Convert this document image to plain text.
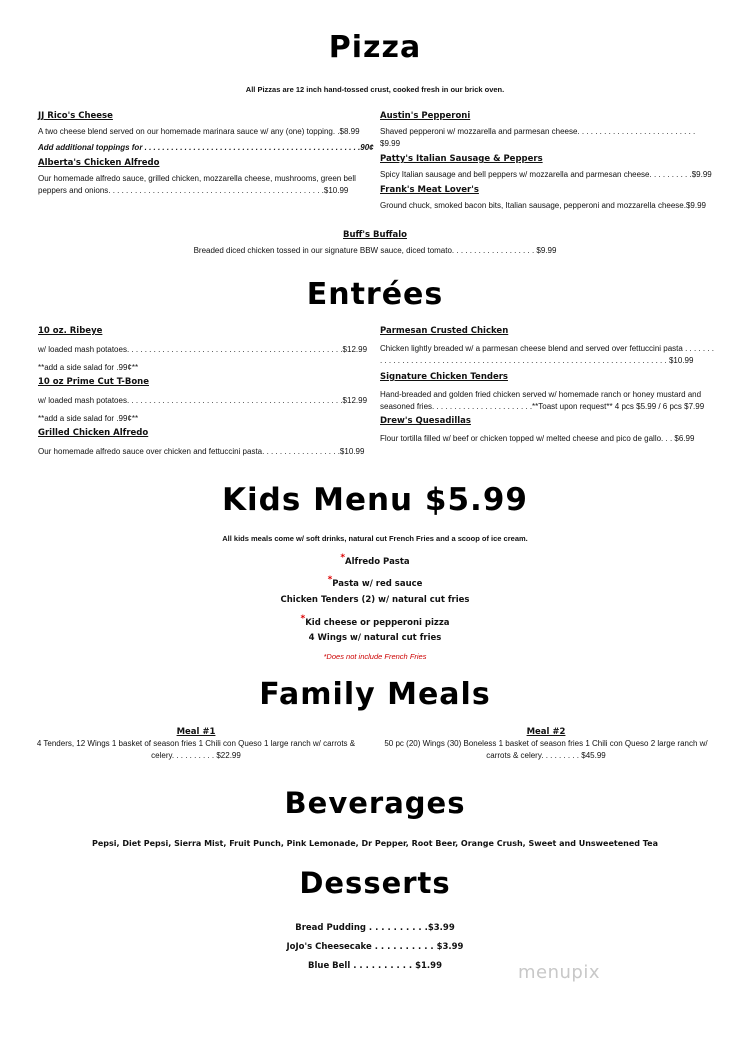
Pizza
All Pizzas are 12 inch hand-tossed crust, cooked fresh in our brick oven.
JJ Rico's Cheese
A two cheese blend served on our homemade marinara sauce w/ any (one) topping. .$8.99
Add additional toppings for . . . . . . . . . . . . . . . . . . . . . . . . . . . . . . . . . . . . . . . . . . . . . . . . .90¢
Alberta's Chicken Alfredo
Our homemade alfredo sauce, grilled chicken, mozzarella cheese, mushrooms, green bell peppers and onions. . . . . . . . . . . . . . . . . . . . . . . . . . . . . . . . . . . . . . . . . . . . . . . . .$10.99
Austin's Pepperoni
Shaved pepperoni w/ mozzarella and parmesan cheese. . . . . . . . . . . . . . . . . . . . . . . . . . . $9.99
Patty's Italian Sausage & Peppers
Spicy Italian sausage and bell peppers w/ mozzarella and parmesan cheese. . . . . . . . . .$9.99
Frank's Meat Lover's
Ground chuck, smoked bacon bits, Italian sausage, pepperoni and mozzarella cheese.$9.99
Buff's Buffalo
Breaded diced chicken tossed in our signature BBW sauce, diced tomato. . . . . . . . . . . . . . . . . . . $9.99
Entrées
10 oz. Ribeye
w/ loaded mash potatoes. . . . . . . . . . . . . . . . . . . . . . . . . . . . . . . . . . . . . . . . . . . . . . . . .$12.99
**add a side salad for .99¢**
10 oz Prime Cut T-Bone
w/ loaded mash potatoes. . . . . . . . . . . . . . . . . . . . . . . . . . . . . . . . . . . . . . . . . . . . . . . . .$12.99
**add a side salad for .99¢**
Grilled Chicken Alfredo
Our homemade alfredo sauce over chicken and fettuccini pasta. . . . . . . . . . . . . . . . . .$10.99
Parmesan Crusted Chicken
Chicken lightly breaded w/ a parmesan cheese blend and served over fettuccini pasta . . . . . . . . . . . . . . . . . . . . . . . . . . . . . . . . . . . . . . . . . . . . . . . . . . . . . . . . . . . . . . . . . . . . . . . . $10.99
Signature Chicken Tenders
Hand-breaded and golden fried chicken served w/ homemade ranch or honey mustard and seasoned fries. . . . . . . . . . . . . . . . . . . . . . .**Toast upon request** 4 pcs $5.99 / 6 pcs $7.99
Drew's Quesadillas
Flour tortilla filled w/ beef or chicken topped w/ melted cheese and pico de gallo. . . $6.99
Kids Menu $5.99
All kids meals come w/ soft drinks, natural cut French Fries and a scoop of ice cream.
*Alfredo Pasta
*Pasta w/ red sauce
Chicken Tenders (2) w/ natural cut fries
*Kid cheese or pepperoni pizza
4 Wings w/ natural cut fries
*Does not include French Fries
Family Meals
Meal #1
4 Tenders, 12 Wings 1 basket of season fries 1 Chili con Queso 1 large ranch w/ carrots & celery. . . . . . . . . . $22.99
Meal #2
50 pc (20) Wings (30) Boneless 1 basket of season fries 1 Chili con Queso 2 large ranch w/ carrots & celery. . . . . . . . . $45.99
Beverages
Pepsi, Diet Pepsi, Sierra Mist, Fruit Punch, Pink Lemonade, Dr Pepper, Root Beer, Orange Crush, Sweet and Unsweetened Tea
Desserts
Bread Pudding . . . . . . . . . .$3.99
JoJo's Cheesecake . . . . . . . . . . $3.99
Blue Bell . . . . . . . . . . $1.99	menupix
